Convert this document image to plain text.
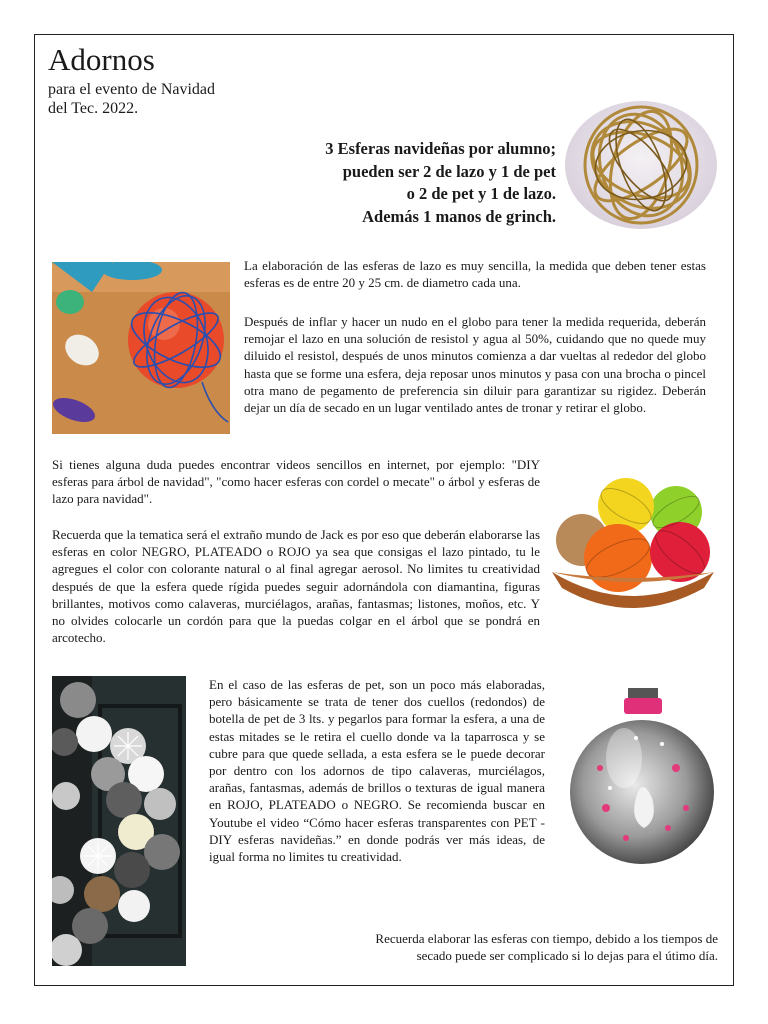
Adornos
para el evento de Navidad
del Tec. 2022.
3 Esferas navideñas por alumno;
pueden ser 2 de lazo y 1 de pet
o 2 de pet y 1 de lazo.
Además 1 manos de grinch.

La elaboración de las esferas de lazo es muy sencilla, la medida que deben tener estas esferas es de entre 20 y 25 cm. de diametro cada una.

Después de inflar y hacer un nudo en el globo para tener la medida requerida, deberán remojar el lazo en una solución de resistol y agua al 50%, cuidando que no quede muy diluido el resistol, después de unos minutos comienza a dar vueltas al rededor del globo hasta que se forme una esfera, deja reposar unos minutos y pasa con una brocha o pincel otra mano de pegamento de preferencia sin diluir para garantizar su rigidez. Deberán dejar un día de secado en un lugar ventilado antes de tronar y retirar el globo.

Si tienes alguna duda puedes encontrar videos sencillos en internet, por ejemplo: "DIY esferas para árbol de navidad", "como hacer esferas con cordel o mecate" o árbol y esferas de lazo para navidad".

Recuerda que la tematica será el extraño mundo de Jack es por eso que deberán elaborarse las esferas en color NEGRO, PLATEADO o ROJO ya sea que consigas el lazo pintado, tu le agregues el color con colorante natural o al final agregar aerosol. No limites tu creatividad después de que la esfera quede rígida puedes seguir adornándola con diamantina, figuras brillantes, motivos como calaveras, murciélagos, arañas, fantasmas; listones, moños, etc. Y no olvides colocarle un cordón para que la puedas colgar en el árbol que se pondrá en arcotecho.

En el caso de las esferas de pet, son un poco más elaboradas, pero básicamente se trata de tener dos cuellos (redondos) de botella de pet de 3 lts. y pegarlos para formar la esfera, a una de estas mitades se le retira el cuello donde va la taparrosca y se cubre para que quede sellada, a esta esfera se le puede decorar por dentro con los adornos de tipo calaveras, murciélagos, arañas, fantasmas, además de brillos o texturas de igual manera en ROJO, PLATEADO o NEGRO. Se recomienda buscar en Youtube el video “Cómo hacer esferas transparentes con PET - DIY esferas navideñas.” en donde podrás ver más ideas, de igual forma no limites tu creatividad.

Recuerda elaborar las esferas con tiempo, debido a los tiempos de
secado puede ser complicado si lo dejas para el útimo día.
